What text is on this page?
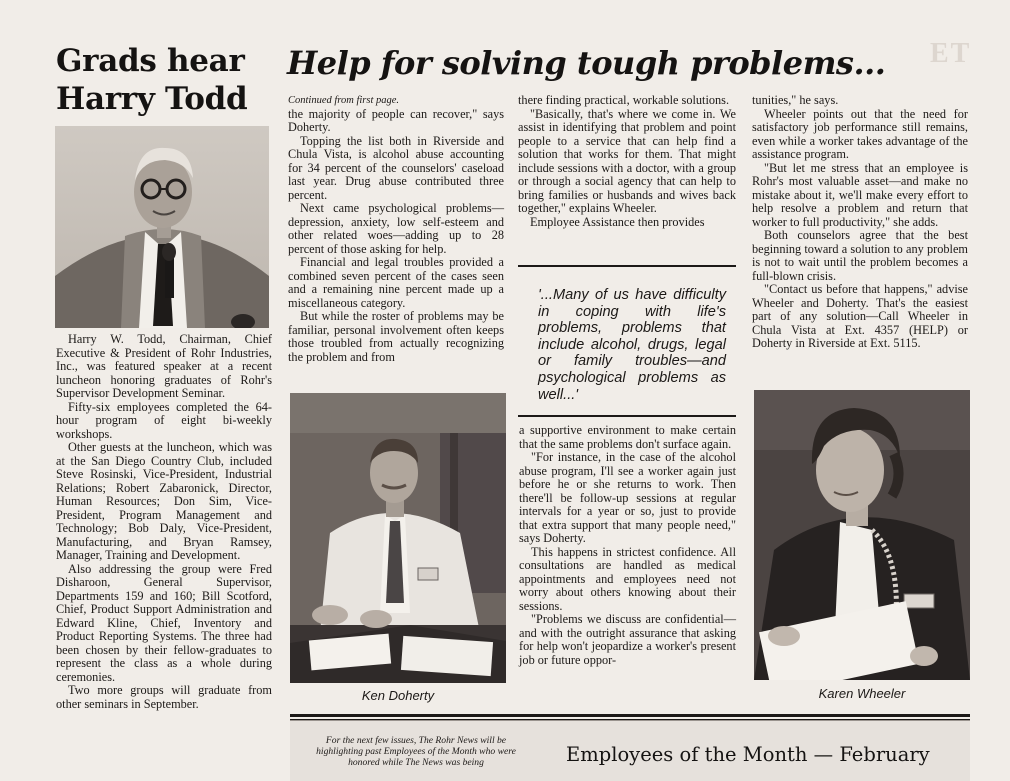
ET
Grads hear Harry Todd

Harry W. Todd, Chairman, Chief Executive & President of Rohr Industries, Inc., was featured speaker at a recent luncheon honoring graduates of Rohr's Supervisor Development Seminar.

Fifty-six employees completed the 64-hour program of eight bi-weekly workshops.

Other guests at the luncheon, which was at the San Diego Country Club, included Steve Rosinski, Vice-President, Industrial Relations; Robert Zabaronick, Director, Human Resources; Don Sim, Vice-President, Program Management and Technology; Bob Daly, Vice-President, Manufacturing, and Bryan Ramsey, Manager, Training and Development.

Also addressing the group were Fred Disharoon, General Supervisor, Departments 159 and 160; Bill Scotford, Chief, Product Support Administration and Edward Kline, Chief, Inventory and Product Reporting Systems. The three had been chosen by their fellow-graduates to represent the class as a whole during ceremonies.

Two more groups will graduate from other seminars in September.

Help for solving tough problems...

Continued from first page.

the majority of people can recover," says Doherty.

Topping the list both in Riverside and Chula Vista, is alcohol abuse accounting for 34 percent of the counselors' caseload last year. Drug abuse contributed three percent.

Next came psychological problems—depression, anxiety, low self-esteem and other related woes—adding up to 28 percent of those asking for help.

Financial and legal troubles provided a combined seven percent of the cases seen and a remaining nine percent made up a miscellaneous category.

But while the roster of problems may be familiar, personal involvement often keeps those troubled from actually recognizing the problem and from

Ken Doherty

there finding practical, workable solutions.

"Basically, that's where we come in. We assist in identifying that problem and point people to a service that can help find a solution that works for them. That might include sessions with a doctor, with a group or through a social agency that can help to bring families or husbands and wives back together," explains Wheeler.

Employee Assistance then provides

'...Many of us have difficulty in coping with life's problems, problems that include alcohol, drugs, legal or family troubles—and psychological problems as well...'

a supportive environment to make certain that the same problems don't surface again.

"For instance, in the case of the alcohol abuse program, I'll see a worker again just before he or she returns to work. Then there'll be follow-up sessions at regular intervals for a year or so, just to provide that extra support that many people need," says Doherty.

This happens in strictest confidence. All consultations are handled as medical appointments and employees need not worry about others knowing about their sessions.

"Problems we discuss are confidential—and with the outright assurance that asking for help won't jeopardize a worker's present job or future oppor-

tunities," he says.

Wheeler points out that the need for satisfactory job performance still remains, even while a worker takes advantage of the assistance program.

"But let me stress that an employee is Rohr's most valuable asset—and make no mistake about it, we'll make every effort to help resolve a problem and return that worker to full productivity," she adds.

Both counselors agree that the best beginning toward a solution to any problem is not to wait until the problem becomes a full-blown crisis.

"Contact us before that happens," advise Wheeler and Doherty. That's the easiest part of any solution—Call Wheeler in Chula Vista at Ext. 4357 (HELP) or Doherty in Riverside at Ext. 5115.

Karen Wheeler
For the next few issues, The Rohr News will be highlighting past Employees of the Month who were honored while The News was being	Employees of the Month — February
